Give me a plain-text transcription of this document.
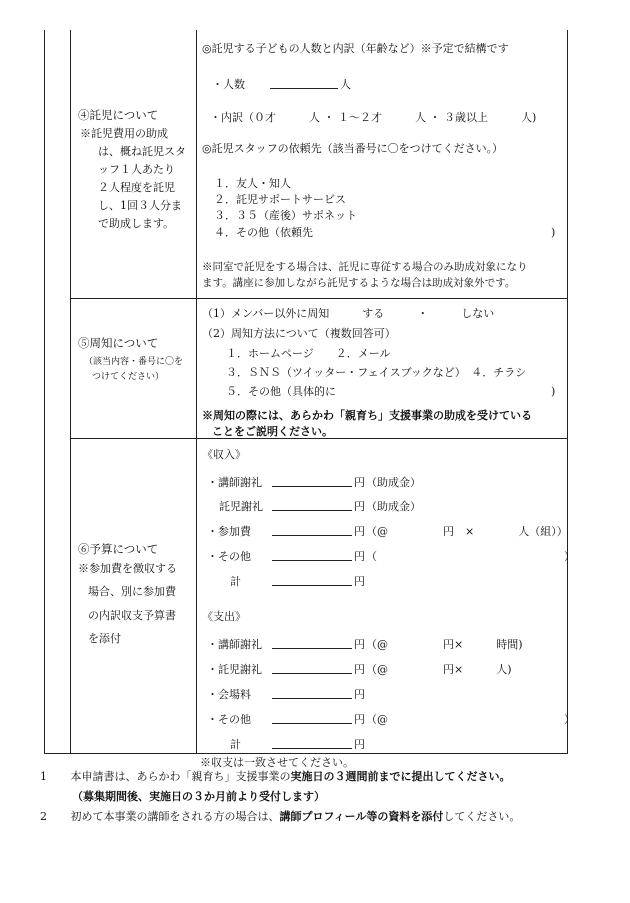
④託児について
※託児費用の助成
は、概ね託児スタ
ッフ１人あたり
２人程度を託児
し、1回３人分ま
で助成します。
◎託児する子どもの人数と内訳（年齢など）※予定で結構です
・人数	人
・内訳（０才　　　人 ・ １～２才　　　人 ・ ３歳以上　　　人)
◎託児スタッフの依頼先（該当番号に〇をつけてください。）
１．友人・知人
２．託児サポートサービス
３．３５（産後）サポネット
４．その他（依頼先	)
※同室で託児をする場合は、託児に専従する場合のみ助成対象になり
ます。講座に参加しながら託児するような場合は助成対象外です。
⑤周知について
（該当内容・番号に〇を
つけてください）
（1）メンバー以外に周知　　　する　　　・　　　しない
（2）周知方法について（複数回答可）
１．ホームページ　　２．メール
３．ＳＮＳ（ツイッター・フェイスブックなど）　４．チラシ
５．その他（具体的に	)
※周知の際には、あらかわ「親育ち」支援事業の助成を受けている
ことをご説明ください。
⑥予算について
※参加費を徴収する
場合、別に参加費
の内訳収支予算書
を添付
《収入》
・講師謝礼	円 （助成金）
託児謝礼	円 （助成金）
・参加費	円 （@　　　　　円　×　　　　人（組））
・その他	円 （　　　　　　　　　　　　　　　　　）
計	円
《支出》
・講師謝礼	円 （@　　　　　円×　　　時間)
・託児謝礼	円 （@　　　　　円×　　　人)
・会場料	円
・その他	円 （@　　　　　　　　　　　　　　　　）
計	円
※収支は一致させてください。
1 本申請書は、あらかわ「親育ち」支援事業の実施日の３週間前までに提出してください。
（募集期間後、実施日の３か月前より受付します）
2 初めて本事業の講師をされる方の場合は、講師プロフィール等の資料を添付してください。
